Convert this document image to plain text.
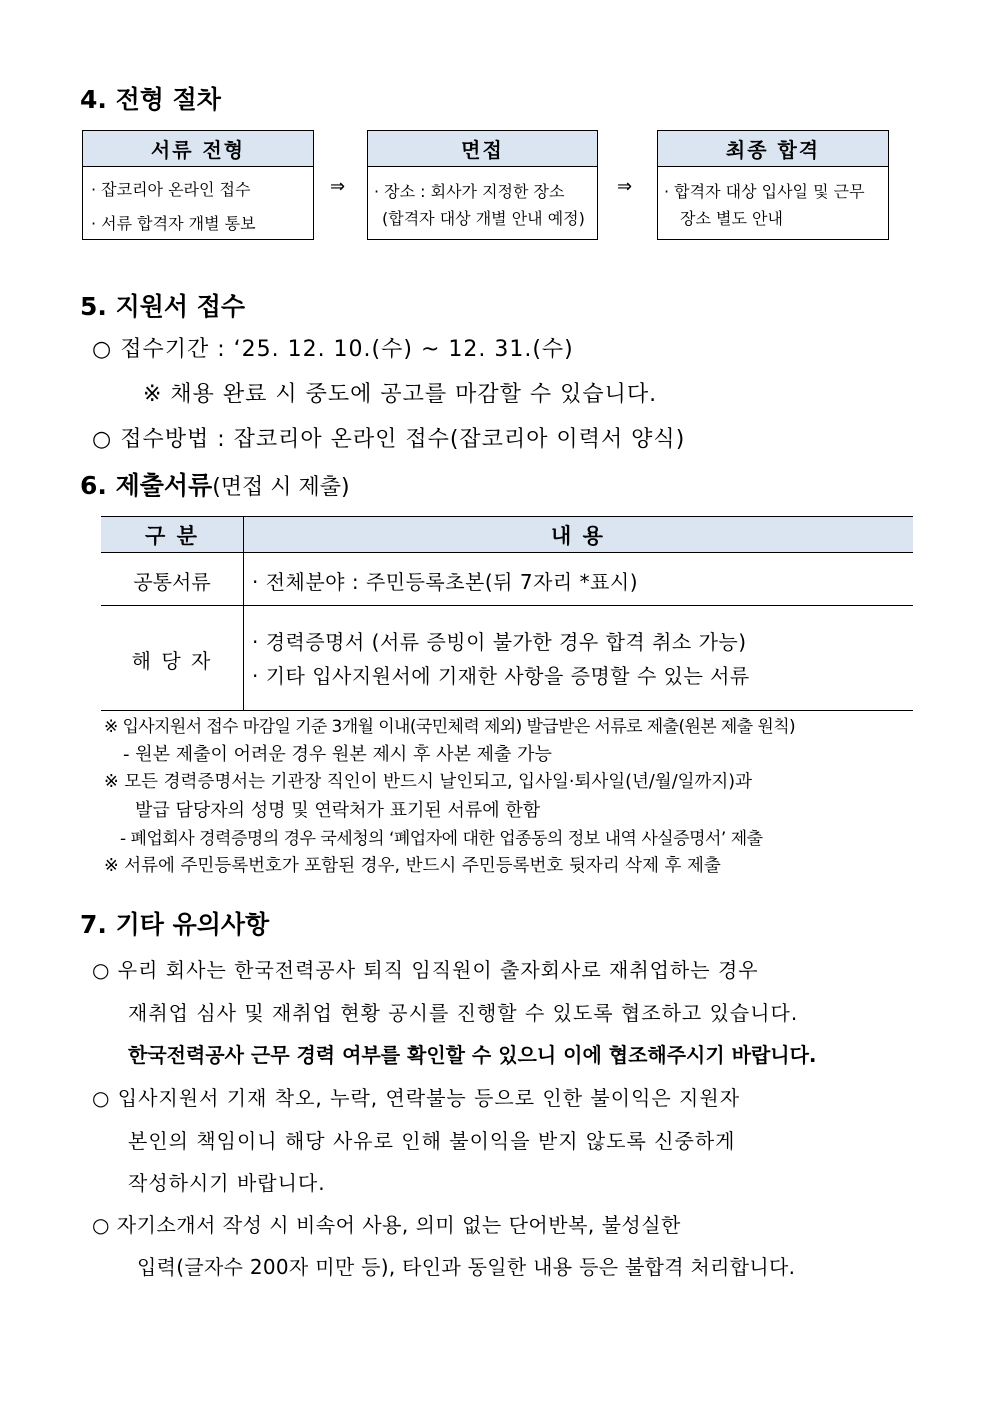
4. 전형 절차
서류 전형
· 잡코리아 온라인 접수
· 서류 합격자 개별 통보
⇒
면접
· 장소 : 회사가 지정한 장소
(합격자 대상 개별 안내 예정)
⇒
최종 합격
· 합격자 대상 입사일 및 근무
장소 별도 안내
5. 지원서 접수
○ 접수기간 : ‘25. 12. 10.(수) ~ 12. 31.(수)
※ 채용 완료 시 중도에 공고를 마감할 수 있습니다.
○ 접수방법 : 잡코리아 온라인 접수(잡코리아 이력서 양식)
6. 제출서류(면접 시 제출)
구 분	내 용
공통서류	· 전체분야 : 주민등록초본(뒤 7자리 *표시)
해 당 자
· 경력증명서 (서류 증빙이 불가한 경우 합격 취소 가능)
· 기타 입사지원서에 기재한 사항을 증명할 수 있는 서류
※ 입사지원서 접수 마감일 기준 3개월 이내(국민체력 제외) 발급받은 서류로 제출(원본 제출 원칙)
- 원본 제출이 어려운 경우 원본 제시 후 사본 제출 가능
※ 모든 경력증명서는 기관장 직인이 반드시 날인되고, 입사일·퇴사일(년/월/일까지)과
발급 담당자의 성명 및 연락처가 표기된 서류에 한함
- 폐업회사 경력증명의 경우 국세청의 ‘폐업자에 대한 업종동의 정보 내역 사실증명서’ 제출
※ 서류에 주민등록번호가 포함된 경우, 반드시 주민등록번호 뒷자리 삭제 후 제출
7. 기타 유의사항
○ 우리 회사는 한국전력공사 퇴직 임직원이 출자회사로 재취업하는 경우
재취업 심사 및 재취업 현황 공시를 진행할 수 있도록 협조하고 있습니다.
한국전력공사 근무 경력 여부를 확인할 수 있으니 이에 협조해주시기 바랍니다.
○ 입사지원서 기재 착오, 누락, 연락불능 등으로 인한 불이익은 지원자
본인의 책임이니 해당 사유로 인해 불이익을 받지 않도록 신중하게
작성하시기 바랍니다.
○ 자기소개서 작성 시 비속어 사용, 의미 없는 단어반복, 불성실한
입력(글자수 200자 미만 등), 타인과 동일한 내용 등은 불합격 처리합니다.
